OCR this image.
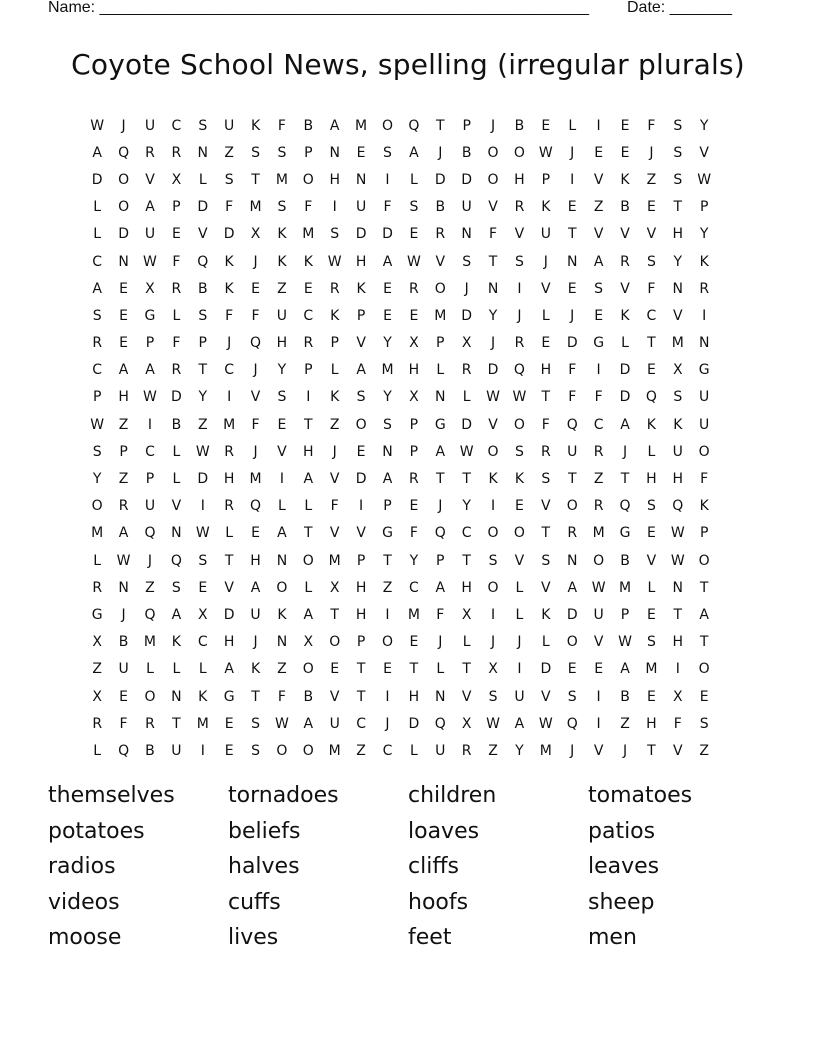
Name: _______________________________________________________ Date: _______
Coyote School News, spelling (irregular plurals)
W	J	U	C	S	U	K	F	B	A	M	O	Q	T	P	J	B	E	L	I	E	F	S	Y
A	Q	R	R	N	Z	S	S	P	N	E	S	A	J	B	O	O W	J	E	E	J	S	V
D	O	V	X	L	S	T	M	O	H	N	I	L	D	D	O	H	P	I	V	K	Z	S	W
L	O	A	P	D	F	M	S	F	I	U	F	S	B	U	V	R	K	E	Z	B	E	T	P
L	D	U	E	V	D	X	K	M	S	D	D	E	R	N	F	V	U	T	V	V	V	H	Y
C	N	W	F	Q	K	J	K	K	W	H	A	W	V	S	T	S	J	N	A	R	S	Y	K
A	E	X	R	B	K	E	Z	E	R	K	E	R	O	J	N	I	V	E	S	V	F	N	R
S	E	G	L	S	F	F	U	C	K	P	E	E	M	D	Y	J	L	J	E	K	C	V	I
R	E	P	F	P	J	Q	H	R	P	V	Y	X	P	X	J	R	E	D	G	L	T	M	N
C	A	A	R	T	C	J	Y	P	L	A	M	H	L	R	D	Q	H	F	I	D	E	X	G
P	H	W	D	Y	I	V	S	I	K	S	Y	X	N	L	W W	T	F	F	D	Q	S	U
W	Z	I	B	Z	M	F	E	T	Z	O	S	P	G	D	V	O	F	Q	C	A	K	K	U
S	P	C	L	W	R	J	V	H	J	E	N	P	A	W O	S	R	U	R	J	L	U	O
Y	Z	P	L	D	H	M	I	A	V	D	A	R	T	T	K	K	S	T	Z	T	H	H	F
O	R	U	V	I	R	Q	L	L	F	I	P	E	J	Y	I	E	V	O	R	Q	S	Q	K
M	A	Q	N	W	L	E	A	T	V	V	G	F	Q	C	O	O	T	R	M	G	E	W	P
L	W	J	Q	S	T	H	N	O	M	P	T	Y	P	T	S	V	S	N	O	B	V	W O
R	N	Z	S	E	V	A	O	L	X	H	Z	C	A	H	O	L	V	A	W M	L	N	T
G	J	Q	A	X	D	U	K	A	T	H	I	M	F	X	I	L	K	D	U	P	E	T	A
X	B	M	K	C	H	J	N	X	O	P	O	E	J	L	J	J	L	O	V	W	S	H	T
Z	U	L	L	L	A	K	Z	O	E	T	E	T	L	T	X	I	D	E	E	A	M	I	O
X	E	O	N	K	G	T	F	B	V	T	I	H	N	V	S	U	V	S	I	B	E	X	E
R	F	R	T	M	E	S	W	A	U	C	J	D	Q	X	W	A	W Q	I	Z	H	F	S
L	Q	B	U	I	E	S	O	O	M	Z	C	L	U	R	Z	Y	M	J	V	J	T	V	Z
themselves	tornadoes	children	tomatoes
potatoes	beliefs	loaves	patios
radios	halves	cliffs	leaves
videos	cuffs	hoofs	sheep
moose	lives	feet	men
